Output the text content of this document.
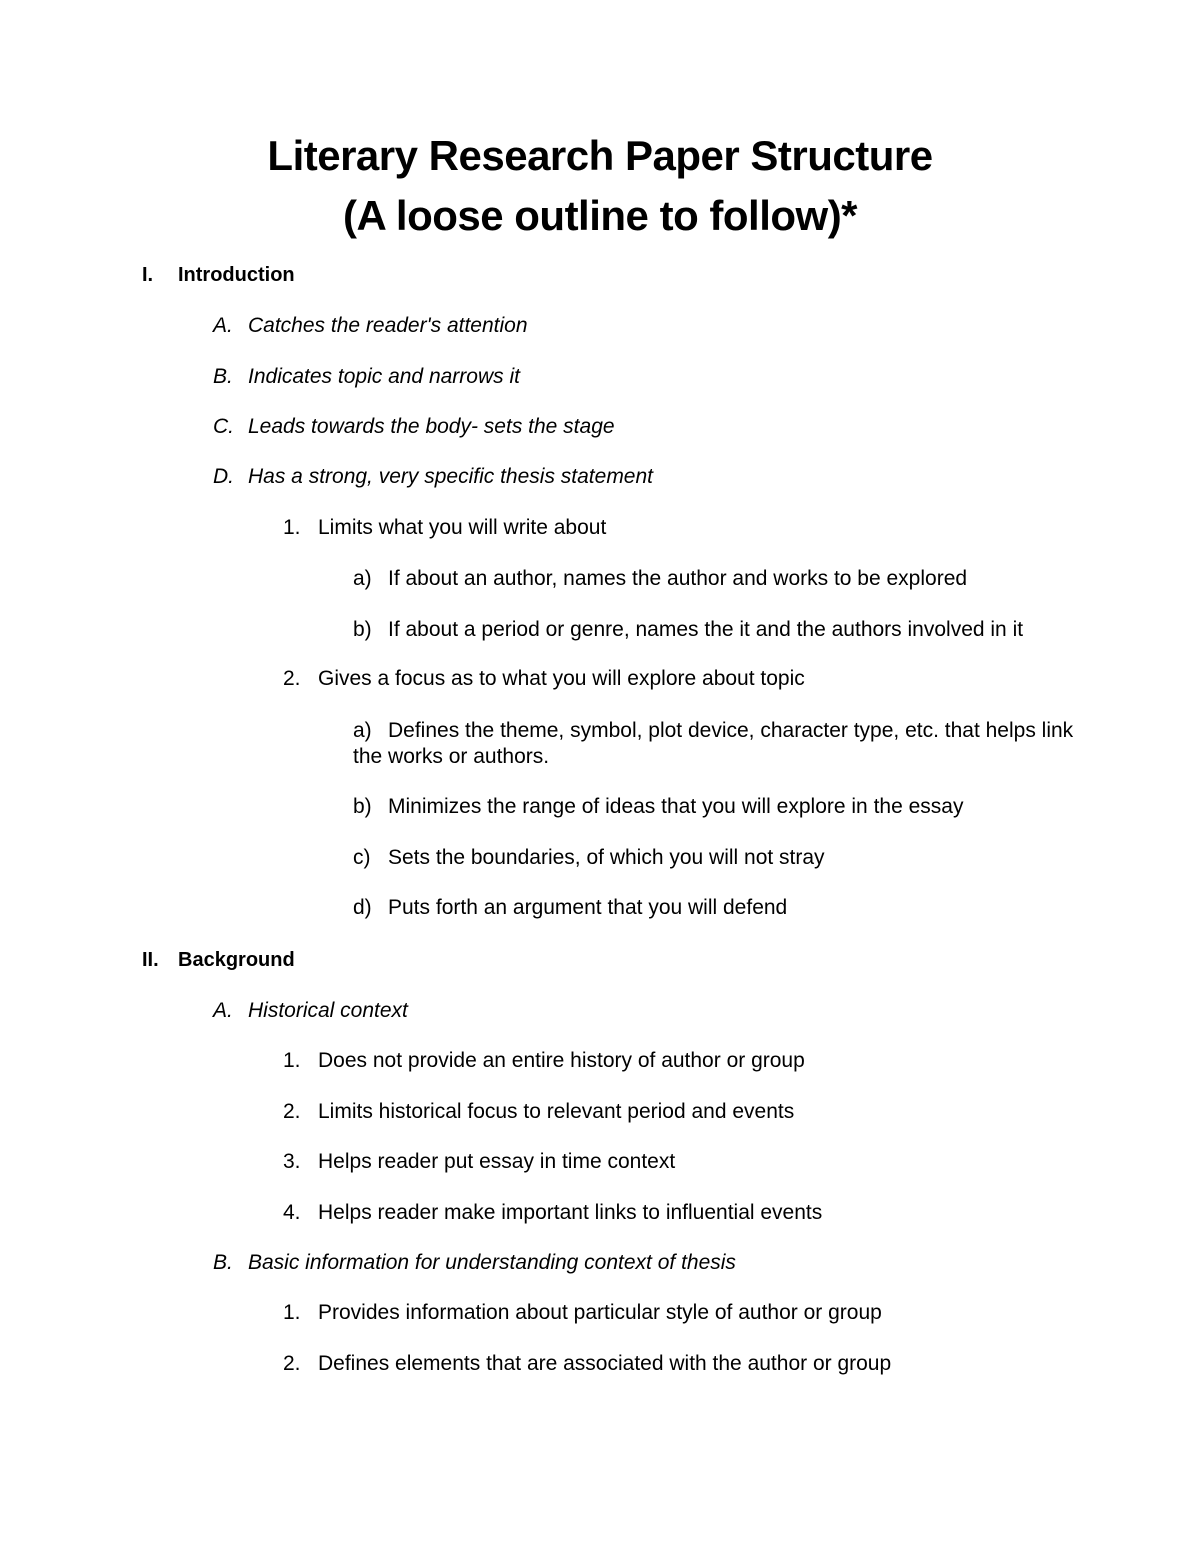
Literary Research Paper Structure
(A loose outline to follow)*
I. Introduction
A. Catches the reader's attention
B. Indicates topic and narrows it
C. Leads towards the body- sets the stage
D. Has a strong, very specific thesis statement
1. Limits what you will write about
a) If about an author, names the author and works to be explored
b) If about a period or genre, names the it and the authors involved in it
2. Gives a focus as to what you will explore about topic
a) Defines the theme, symbol, plot device, character type, etc. that helps link
the works or authors.
b) Minimizes the range of ideas that you will explore in the essay
c) Sets the boundaries, of which you will not stray
d) Puts forth an argument that you will defend
II. Background
A. Historical context
1. Does not provide an entire history of author or group
2. Limits historical focus to relevant period and events
3. Helps reader put essay in time context
4. Helps reader make important links to influential events
B. Basic information for understanding context of thesis
1. Provides information about particular style of author or group
2. Defines elements that are associated with the author or group
